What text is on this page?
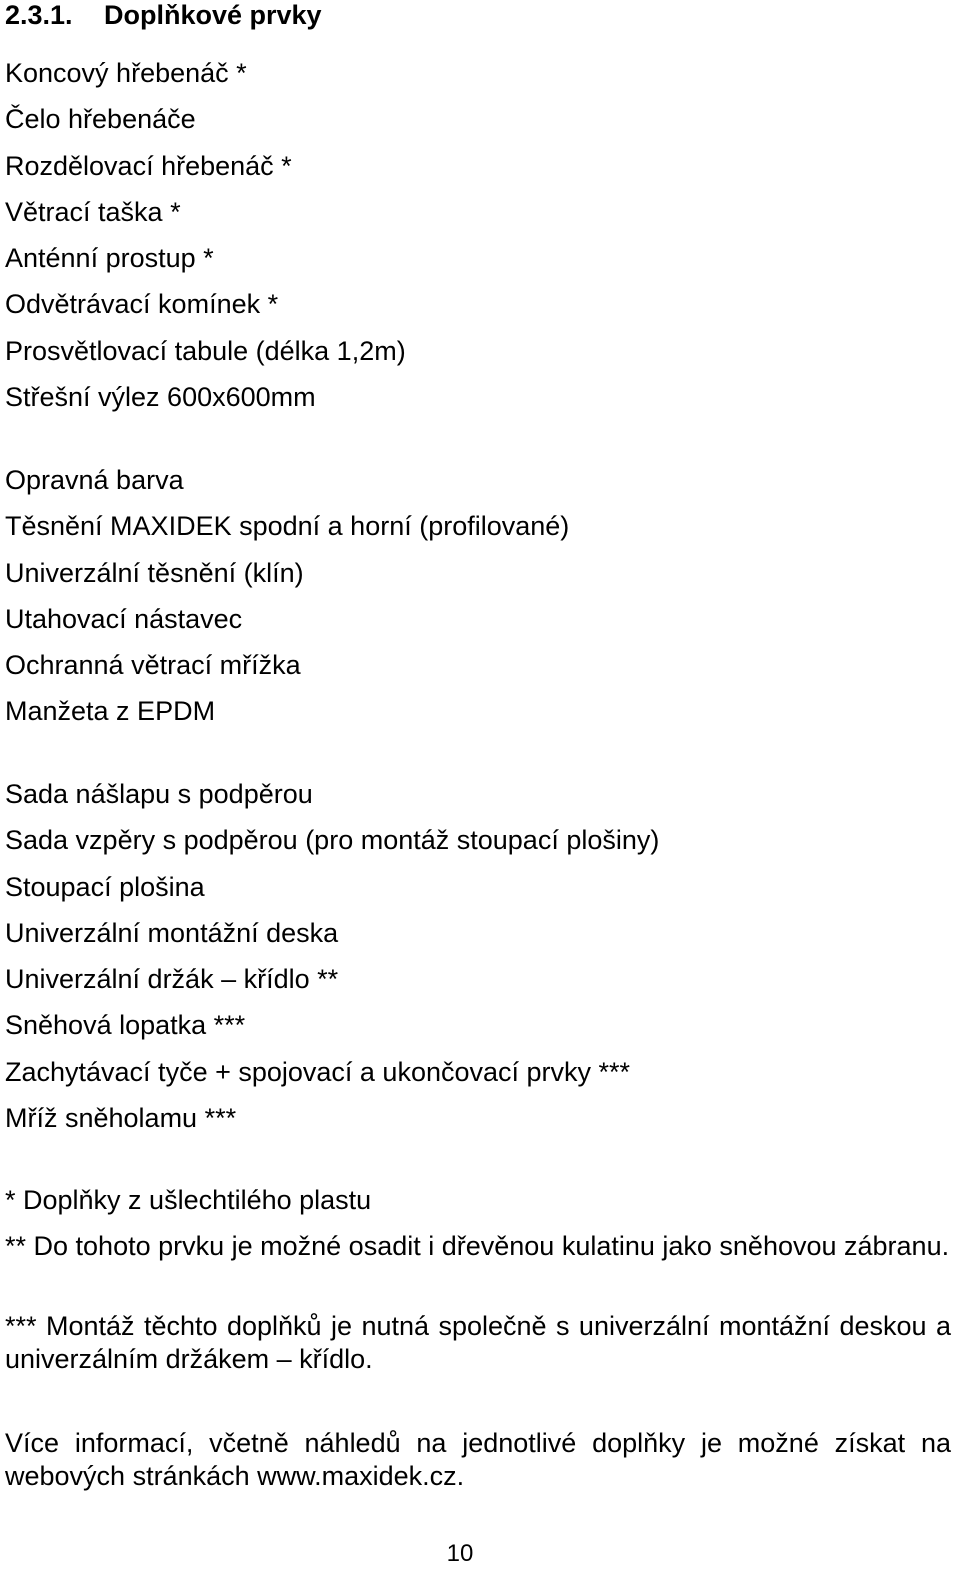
2.3.1. Doplňkové prvky
Koncový hřebenáč *
Čelo hřebenáče
Rozdělovací hřebenáč *
Větrací taška *
Anténní prostup *
Odvětrávací komínek *
Prosvětlovací tabule (délka 1,2m)
Střešní výlez 600x600mm
Opravná barva
Těsnění MAXIDEK spodní a horní (profilované)
Univerzální těsnění (klín)
Utahovací nástavec
Ochranná větrací mřížka
Manžeta z EPDM
Sada nášlapu s podpěrou
Sada vzpěry s podpěrou (pro montáž stoupací plošiny)
Stoupací plošina
Univerzální montážní deska
Univerzální držák – křídlo **
Sněhová lopatka ***
Zachytávací tyče + spojovací a ukončovací prvky ***
Mříž sněholamu ***

* Doplňky z ušlechtilého plastu

** Do tohoto prvku je možné osadit i dřevěnou kulatinu jako sněhovou zábranu.

*** Montáž těchto doplňků je nutná společně s univerzální montážní deskou a univerzálním držákem – křídlo.

Více informací, včetně náhledů na jednotlivé doplňky je možné získat na webových stránkách www.maxidek.cz.

10
